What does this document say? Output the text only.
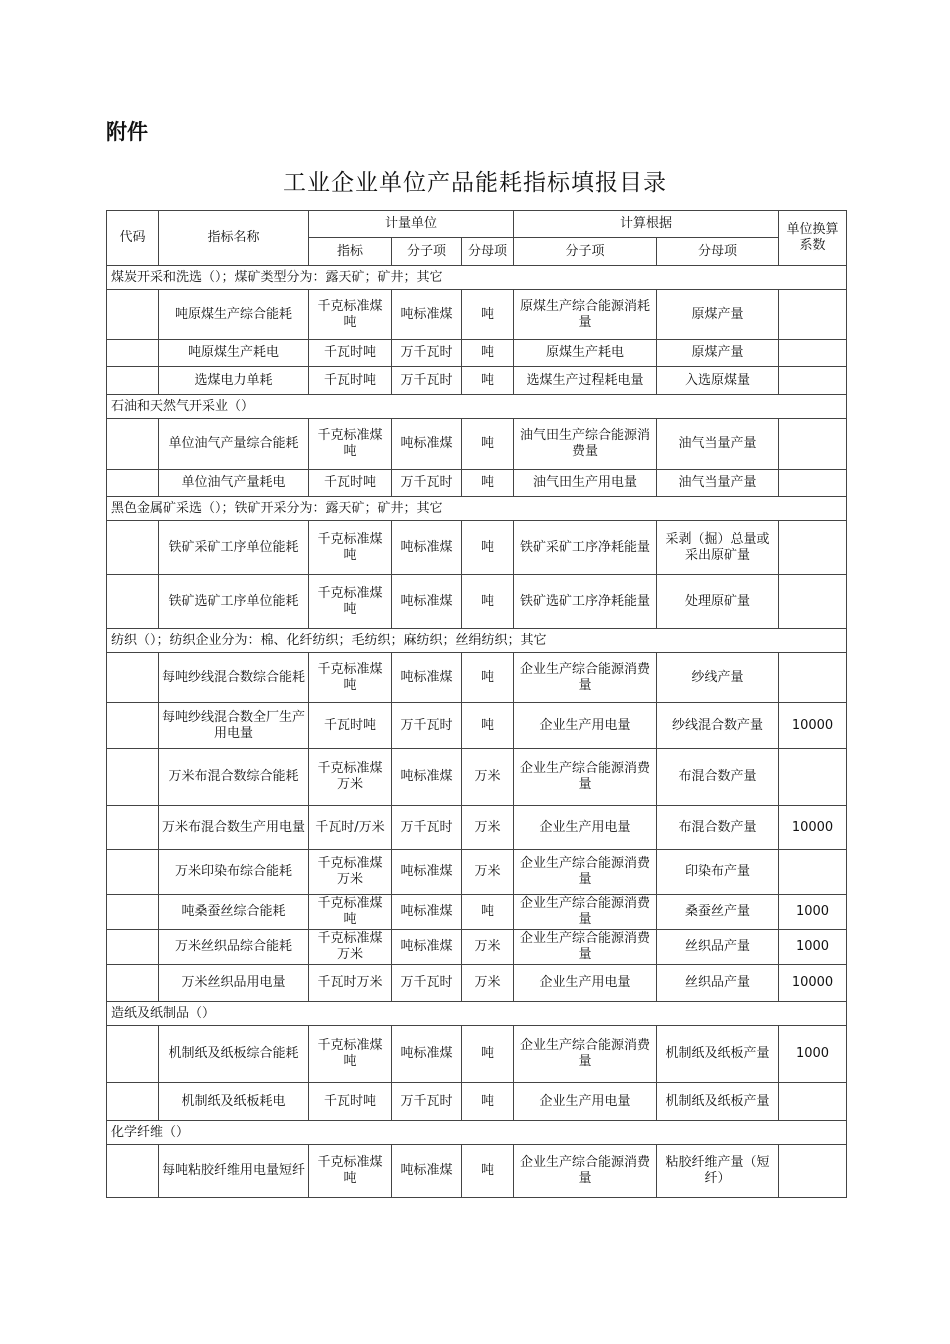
附件
工业企业单位产品能耗指标填报目录
代码	指标名称	计量单位			计算根据		单位换算系数
		指标	分子项	分母项	分子项	分母项	
煤炭开采和洗选（）；煤矿类型分为：露天矿；矿井；其它							
	吨原煤生产综合能耗	千克标准煤吨	吨标准煤	吨	原煤生产综合能源消耗量	原煤产量	
	吨原煤生产耗电	千瓦时吨	万千瓦时	吨	原煤生产耗电	原煤产量	
	选煤电力单耗	千瓦时吨	万千瓦时	吨	选煤生产过程耗电量	入选原煤量	
石油和天然气开采业（）							
	单位油气产量综合能耗	千克标准煤吨	吨标准煤	吨	油气田生产综合能源消费量	油气当量产量	
	单位油气产量耗电	千瓦时吨	万千瓦时	吨	油气田生产用电量	油气当量产量	
黑色金属矿采选（）；铁矿开采分为：露天矿；矿井；其它							
	铁矿采矿工序单位能耗	千克标准煤吨	吨标准煤	吨	铁矿采矿工序净耗能量	采剥（掘）总量或采出原矿量	
	铁矿选矿工序单位能耗	千克标准煤吨	吨标准煤	吨	铁矿选矿工序净耗能量	处理原矿量	
纺织（）；纺织企业分为：棉、化纤纺织；毛纺织；麻纺织；丝绢纺织；其它							
	每吨纱线混合数综合能耗	千克标准煤吨	吨标准煤	吨	企业生产综合能源消费量	纱线产量	
	每吨纱线混合数全厂生产用电量	千瓦时吨	万千瓦时	吨	企业生产用电量	纱线混合数产量	10000
	万米布混合数综合能耗	千克标准煤万米	吨标准煤	万米	企业生产综合能源消费量	布混合数产量	
	万米布混合数生产用电量	千瓦时/万米	万千瓦时	万米	企业生产用电量	布混合数产量	10000
	万米印染布综合能耗	千克标准煤万米	吨标准煤	万米	企业生产综合能源消费量	印染布产量	
	吨桑蚕丝综合能耗	千克标准煤吨	吨标准煤	吨	企业生产综合能源消费量	桑蚕丝产量	1000
	万米丝织品综合能耗	千克标准煤万米	吨标准煤	万米	企业生产综合能源消费量	丝织品产量	1000
	万米丝织品用电量	千瓦时万米	万千瓦时	万米	企业生产用电量	丝织品产量	10000
造纸及纸制品（）							
	机制纸及纸板综合能耗	千克标准煤吨	吨标准煤	吨	企业生产综合能源消费量	机制纸及纸板产量	1000
	机制纸及纸板耗电	千瓦时吨	万千瓦时	吨	企业生产用电量	机制纸及纸板产量	
化学纤维（）							
	每吨粘胶纤维用电量短纤	千克标准煤吨	吨标准煤	吨	企业生产综合能源消费量	粘胶纤维产量（短纤）	
